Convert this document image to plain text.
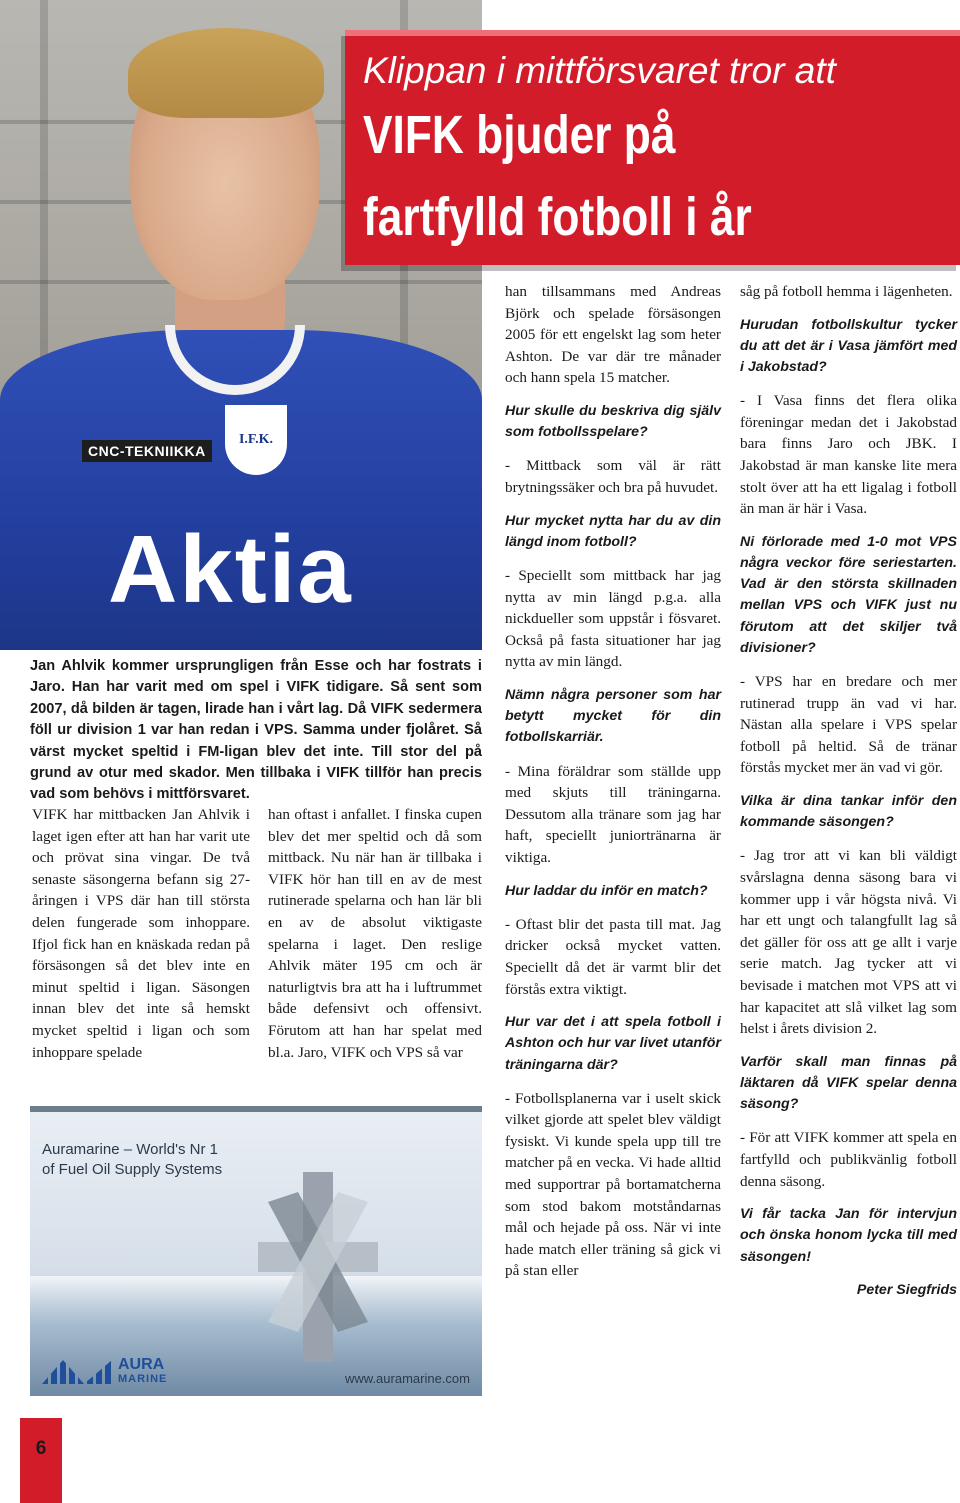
CNC-TEKNIIKKA
I.F.K.
Aktia
Klippan i mittförsvaret tror att
VIFK bjuder på
fartfylld fotboll i år
Jan Ahlvik kommer ursprungligen från Esse och har fostrats i Jaro. Han har varit med om spel i VIFK tidigare. Så sent som 2007, då bilden är tagen, lirade han i vårt lag. Då VIFK sedermera föll ur division 1 var han redan i VPS. Samma under fjolåret. Så värst mycket speltid i FM-ligan blev det inte. Till stor del på grund av otur med skador. Men tillbaka i VIFK tillför han precis vad som behövs i mittförsvaret.

VIFK har mittbacken Jan Ahlvik i laget igen efter att han har varit ute och prövat sina vingar. De två senaste säsongerna befann sig 27-åringen i VPS där han till största delen fungerade som inhoppare. Ifjol fick han en knäskada redan på försäsongen så det blev inte en minut speltid i ligan. Säsongen innan blev det inte så hemskt mycket speltid i ligan och som inhoppare spelade

han oftast i anfallet. I finska cupen blev det mer speltid och då som mittback. Nu när han är tillbaka i VIFK hör han till en av de mest rutinerade spelarna och han lär bli en av de absolut viktigaste spelarna i laget. Den reslige Ahlvik mäter 195 cm och är naturligtvis bra att ha i luftrummet både defensivt och offensivt. Förutom att han har spelat med bl.a. Jaro, VIFK och VPS så var

Auramarine – World's Nr 1
of Fuel Oil Supply Systems
AURA
MARINE	www.auramarine.com

han tillsammans med Andreas Björk och spelade försäsongen 2005 för ett engelskt lag som heter Ashton. De var där tre månader och hann spela 15 matcher.

Hur skulle du beskriva dig själv som fotbollsspelare?

- Mittback som väl är rätt brytningssäker och bra på huvudet.

Hur mycket nytta har du av din längd inom fotboll?

- Speciellt som mittback har jag nytta av min längd p.g.a. alla nickdueller som uppstår i fösvaret. Också på fasta situationer har jag nytta av min längd.

Nämn några personer som har betytt mycket för din fotbollskarriär.

- Mina föräldrar som ställde upp med skjuts till träningarna. Dessutom alla tränare som jag har haft, speciellt juniortränarna är viktiga.

Hur laddar du inför en match?

- Oftast blir det pasta till mat. Jag dricker också mycket vatten. Speciellt då det är varmt blir det förstås extra viktigt.

Hur var det i att spela fotboll i Ashton och hur var livet utanför träningarna där?

- Fotbollsplanerna var i uselt skick vilket gjorde att spelet blev väldigt fysiskt. Vi kunde spela upp till tre matcher på en vecka. Vi hade alltid med supportrar på bortamatcherna som stod bakom motståndarnas mål och hejade på oss. När vi inte hade match eller träning så gick vi på stan eller

såg på fotboll hemma i lägenheten.

Hurudan fotbollskultur tycker du att det är i Vasa jämfört med i Jakobstad?

- I Vasa finns det flera olika föreningar medan det i Jakobstad bara finns Jaro och JBK. I Jakobstad är man kanske lite mera stolt över att ha ett ligalag i fotboll än man är här i Vasa.

Ni förlorade med 1-0 mot VPS några veckor före seriestarten. Vad är den största skillnaden mellan VPS och VIFK just nu förutom att det skiljer två divisioner?

- VPS har en bredare och mer rutinerad trupp än vad vi har. Nästan alla spelare i VPS spelar fotboll på heltid. Så de tränar förstås mycket mer än vad vi gör.

Vilka är dina tankar inför den kommande säsongen?

- Jag tror att vi kan bli väldigt svårslagna denna säsong bara vi kommer upp i vår högsta nivå. Vi har ett ungt och talangfullt lag så det gäller för oss att ge allt i varje serie match. Jag tycker att vi bevisade i matchen mot VPS att vi har kapacitet att slå vilket lag som helst i årets division 2.

Varför skall man finnas på läktaren då VIFK spelar denna säsong?

- För att VIFK kommer att spela en fartfylld och publikvänlig fotboll denna säsong.

Vi får tacka Jan för intervjun och önska honom lycka till med säsongen!

Peter Siegfrids
6
